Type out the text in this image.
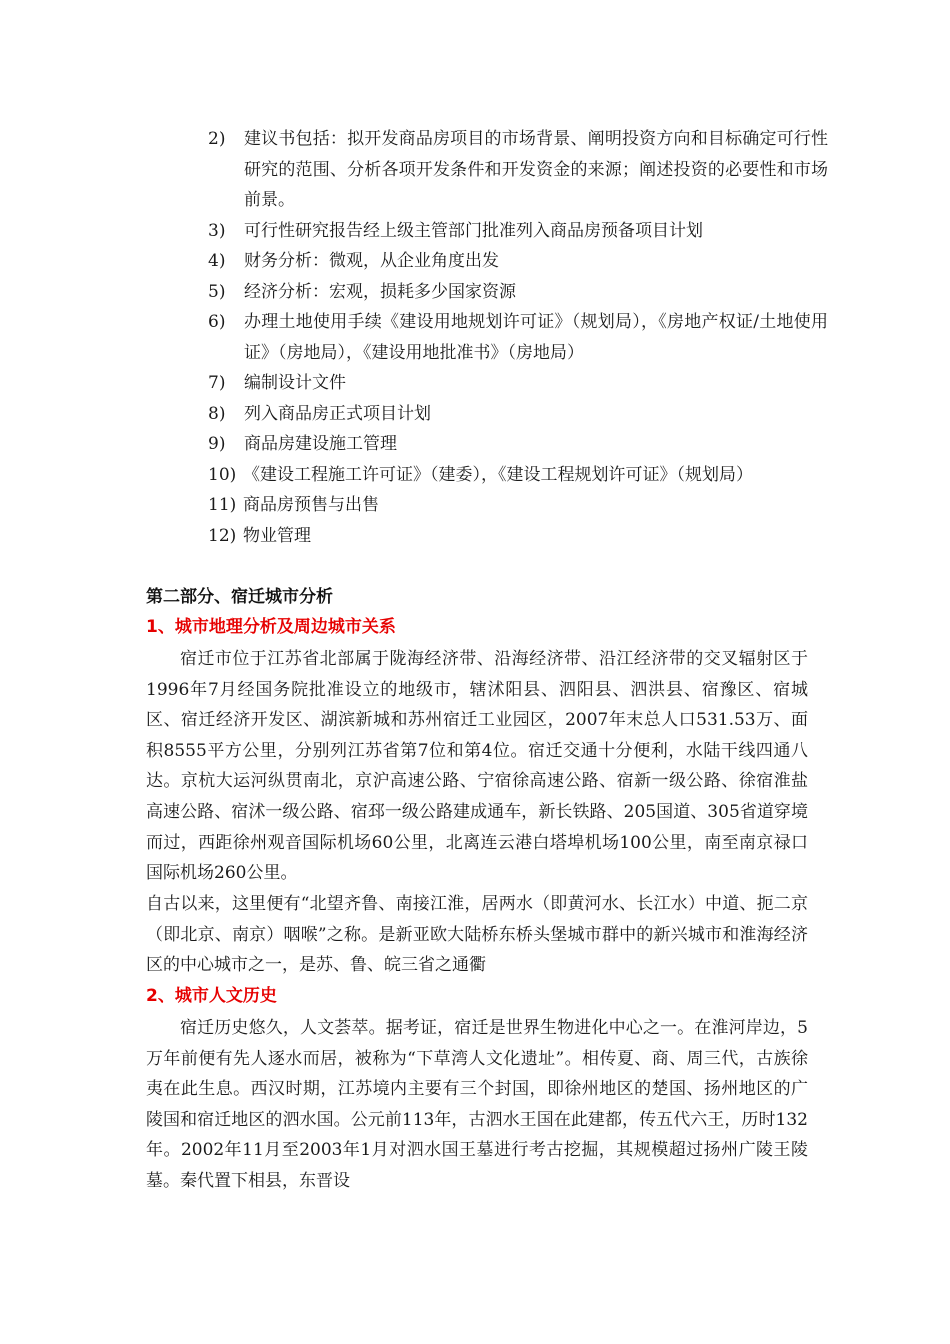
2)	建议书包括：拟开发商品房项目的市场背景、阐明投资方向和目标确定可行性研究的范围、分析各项开发条件和开发资金的来源；阐述投资的必要性和市场前景。
3)	可行性研究报告经上级主管部门批准列入商品房预备项目计划
4)	财务分析：微观，从企业角度出发
5)	经济分析：宏观，损耗多少国家资源
6)	办理土地使用手续《建设用地规划许可证》（规划局），《房地产权证/土地使用证》（房地局），《建设用地批准书》（房地局）
7)	编制设计文件
8)	列入商品房正式项目计划
9)	商品房建设施工管理
10) 《建设工程施工许可证》（建委），《建设工程规划许可证》（规划局）
11) 商品房预售与出售
12) 物业管理
第二部分、宿迁城市分析
1、城市地理分析及周边城市关系
宿迁市位于江苏省北部属于陇海经济带、沿海经济带、沿江经济带的交叉辐射区于1996年7月经国务院批准设立的地级市，辖沭阳县、泗阳县、泗洪县、宿豫区、宿城区、宿迁经济开发区、湖滨新城和苏州宿迁工业园区，2007年末总人口531.53万、面积8555平方公里，分别列江苏省第7位和第4位。宿迁交通十分便利，水陆干线四通八达。京杭大运河纵贯南北，京沪高速公路、宁宿徐高速公路、宿新一级公路、徐宿淮盐高速公路、宿沭一级公路、宿邳一级公路建成通车，新长铁路、205国道、305省道穿境而过，西距徐州观音国际机场60公里，北离连云港白塔埠机场100公里，南至南京禄口国际机场260公里。
自古以来，这里便有“北望齐鲁、南接江淮，居两水（即黄河水、长江水）中道、扼二京（即北京、南京）咽喉”之称。是新亚欧大陆桥东桥头堡城市群中的新兴城市和淮海经济区的中心城市之一，是苏、鲁、皖三省之通衢
2、城市人文历史
宿迁历史悠久，人文荟萃。据考证，宿迁是世界生物进化中心之一。在淮河岸边，5万年前便有先人逐水而居，被称为“下草湾人文化遗址”。相传夏、商、周三代，古族徐夷在此生息。西汉时期，江苏境内主要有三个封国，即徐州地区的楚国、扬州地区的广陵国和宿迁地区的泗水国。公元前113年，古泗水王国在此建都，传五代六王，历时132年。2002年11月至2003年1月对泗水国王墓进行考古挖掘，其规模超过扬州广陵王陵墓。秦代置下相县，东晋设
